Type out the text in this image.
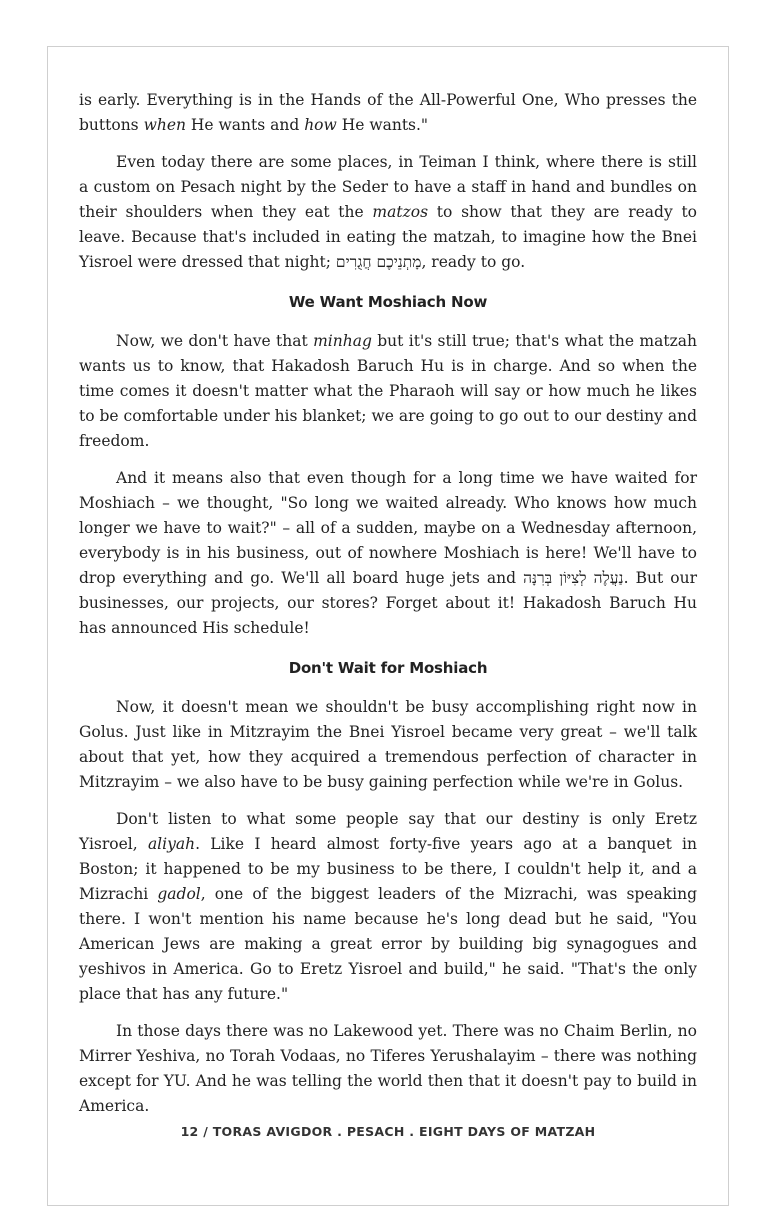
is early. Everything is in the Hands of the All-Powerful One, Who presses the buttons when He wants and how He wants."

Even today there are some places, in Teiman I think, where there is still a custom on Pesach night by the Seder to have a staff in hand and bundles on their shoulders when they eat the matzos to show that they are ready to leave. Because that's included in eating the matzah, to imagine how the Bnei Yisroel were dressed that night; מָתְנֵיכֶם חֲגֻרִים, ready to go.

We Want Moshiach Now

Now, we don't have that minhag but it's still true; that's what the matzah wants us to know, that Hakadosh Baruch Hu is in charge. And so when the time comes it doesn't matter what the Pharaoh will say or how much he likes to be comfortable under his blanket; we are going to go out to our destiny and freedom.

And it means also that even though for a long time we have waited for Moshiach – we thought, "So long we waited already. Who knows how much longer we have to wait?" – all of a sudden, maybe on a Wednesday afternoon, everybody is in his business, out of nowhere Moshiach is here! We'll have to drop everything and go. We'll all board huge jets and נַעֲלֶה לְצִיּוֹן בְּרִנָּה. But our businesses, our projects, our stores? Forget about it! Hakadosh Baruch Hu has announced His schedule!

Don't Wait for Moshiach

Now, it doesn't mean we shouldn't be busy accomplishing right now in Golus. Just like in Mitzrayim the Bnei Yisroel became very great – we'll talk about that yet, how they acquired a tremendous perfection of character in Mitzrayim – we also have to be busy gaining perfection while we're in Golus.

Don't listen to what some people say that our destiny is only Eretz Yisroel, aliyah. Like I heard almost forty-five years ago at a banquet in Boston; it happened to be my business to be there, I couldn't help it, and a Mizrachi gadol, one of the biggest leaders of the Mizrachi, was speaking there. I won't mention his name because he's long dead but he said, "You American Jews are making a great error by building big synagogues and yeshivos in America. Go to Eretz Yisroel and build," he said. "That's the only place that has any future."

In those days there was no Lakewood yet. There was no Chaim Berlin, no Mirrer Yeshiva, no Torah Vodaas, no Tiferes Yerushalayim – there was nothing except for YU. And he was telling the world then that it doesn't pay to build in America.

12 / TORAS AVIGDOR . PESACH . EIGHT DAYS OF MATZAH
